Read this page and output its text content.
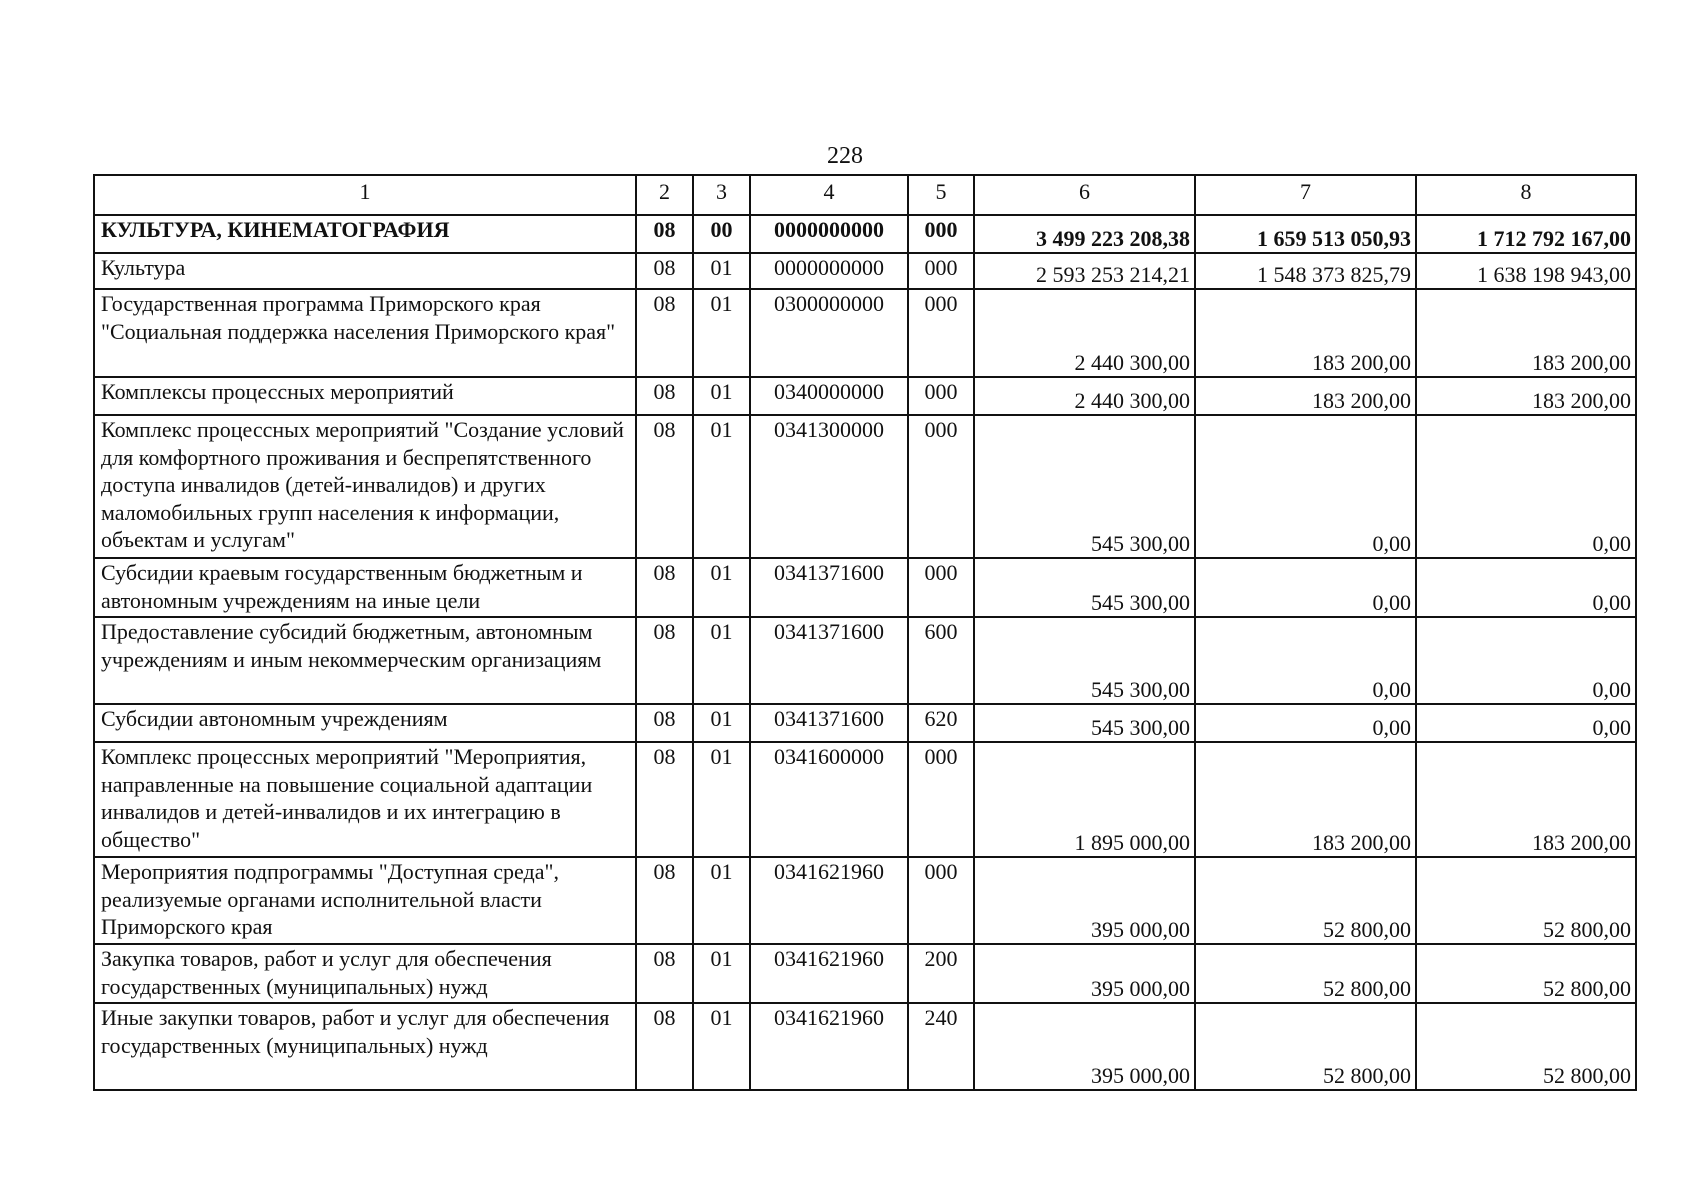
228
1	2	3	4	5	6	7	8
КУЛЬТУРА, КИНЕМАТОГРАФИЯ	08	00	0000000000	000	3 499 223 208,38	1 659 513 050,93	1 712 792 167,00
Культура	08	01	0000000000	000	2 593 253 214,21	1 548 373 825,79	1 638 198 943,00
Государственная программа Приморского края "Социальная поддержка населения Приморского края"	08	01	0300000000	000	2 440 300,00	183 200,00	183 200,00
Комплексы процессных мероприятий	08	01	0340000000	000	2 440 300,00	183 200,00	183 200,00
Комплекс процессных мероприятий "Создание условий для комфортного проживания и беспрепятственного доступа инвалидов (детей-инвалидов) и других маломобильных групп населения к информации, объектам и услугам"	08	01	0341300000	000	545 300,00	0,00	0,00
Субсидии краевым государственным бюджетным и автономным учреждениям на иные цели	08	01	0341371600	000	545 300,00	0,00	0,00
Предоставление субсидий бюджетным, автономным учреждениям и иным некоммерческим организациям	08	01	0341371600	600	545 300,00	0,00	0,00
Субсидии автономным учреждениям	08	01	0341371600	620	545 300,00	0,00	0,00
Комплекс процессных мероприятий "Мероприятия, направленные на повышение социальной адаптации инвалидов и детей-инвалидов и их интеграцию в общество"	08	01	0341600000	000	1 895 000,00	183 200,00	183 200,00
Мероприятия подпрограммы "Доступная среда", реализуемые органами исполнительной власти Приморского края	08	01	0341621960	000	395 000,00	52 800,00	52 800,00
Закупка товаров, работ и услуг для обеспечения государственных (муниципальных) нужд	08	01	0341621960	200	395 000,00	52 800,00	52 800,00
Иные закупки товаров, работ и услуг для обеспечения государственных (муниципальных) нужд	08	01	0341621960	240	395 000,00	52 800,00	52 800,00
